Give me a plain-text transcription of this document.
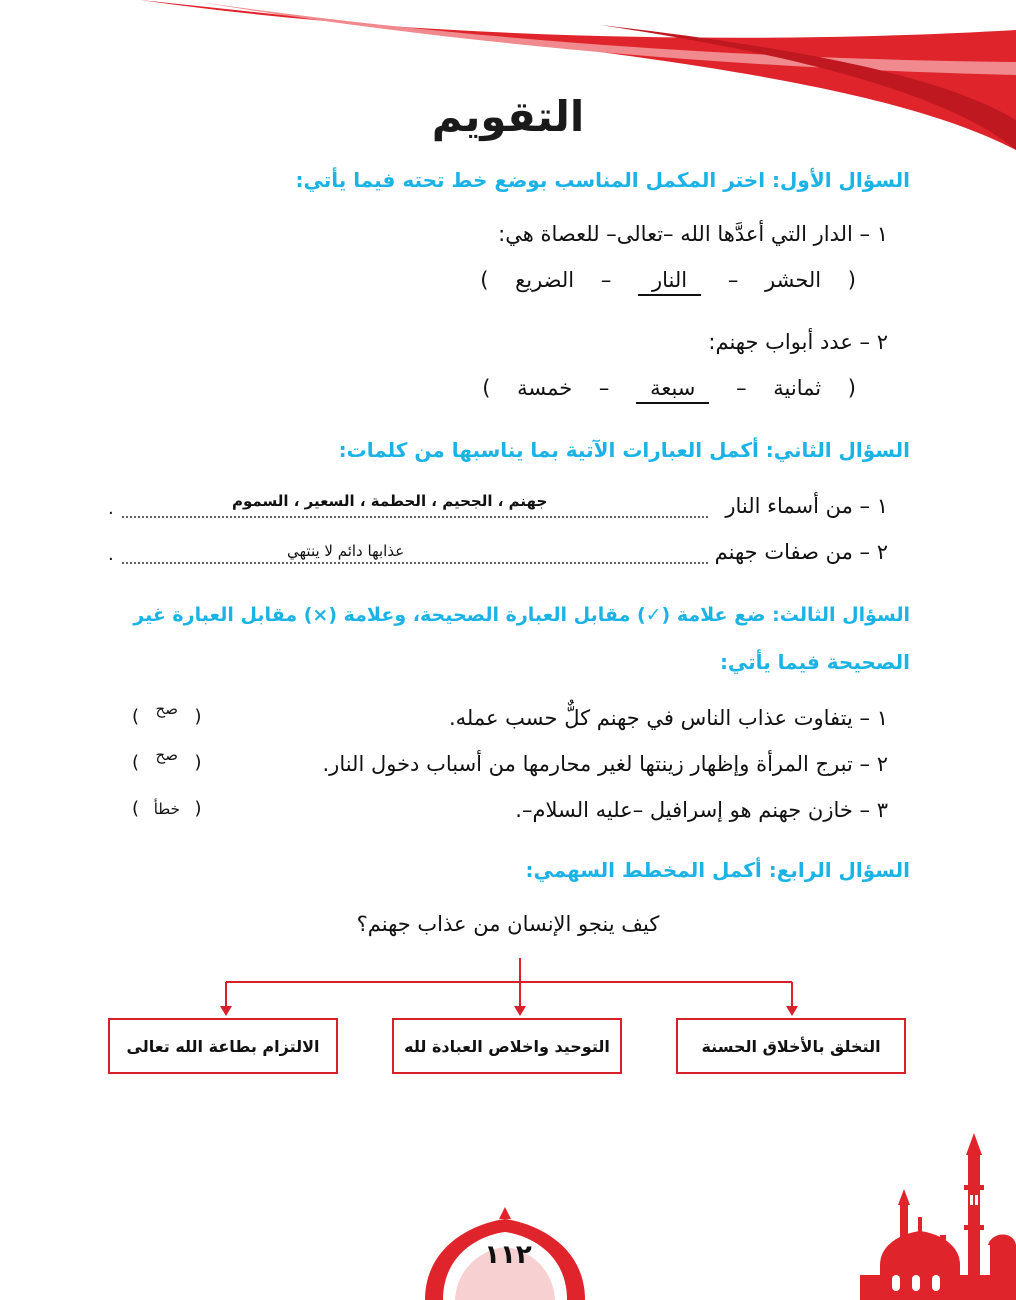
التقويم
السؤال الأول: اختر المكمل المناسب بوضع خط تحته فيما يأتي:
١ – الدار التي أعدَّها الله –تعالى– للعصاة هي:
( الحشر – النار – الضريع )
٢ – عدد أبواب جهنم:
( ثمانية – سبعة – خمسة )
السؤال الثاني: أكمل العبارات الآتية بما يناسبها من كلمات:
١ – من أسماء النار
جهنم ، الجحيم ، الحطمة ، السعير ، السموم
.
٢ – من صفات جهنم
عذابها دائم لا ينتهي
.
السؤال الثالث: ضع علامة (✓) مقابل العبارة الصحيحة، وعلامة (×) مقابل العبارة غير
الصحيحة فيما يأتي:
١ – يتفاوت عذاب الناس في جهنم كلٌّ حسب عمله.
( صح )
٢ – تبرج المرأة وإظهار زينتها لغير محارمها من أسباب دخول النار.
( صح )
٣ – خازن جهنم هو إسرافيل –عليه السلام–.
( خطأ )
السؤال الرابع: أكمل المخطط السهمي:
كيف ينجو الإنسان من عذاب جهنم؟
التخلق بالأخلاق الحسنة
التوحيد واخلاص العبادة لله
الالتزام بطاعة الله تعالى
١١٢
